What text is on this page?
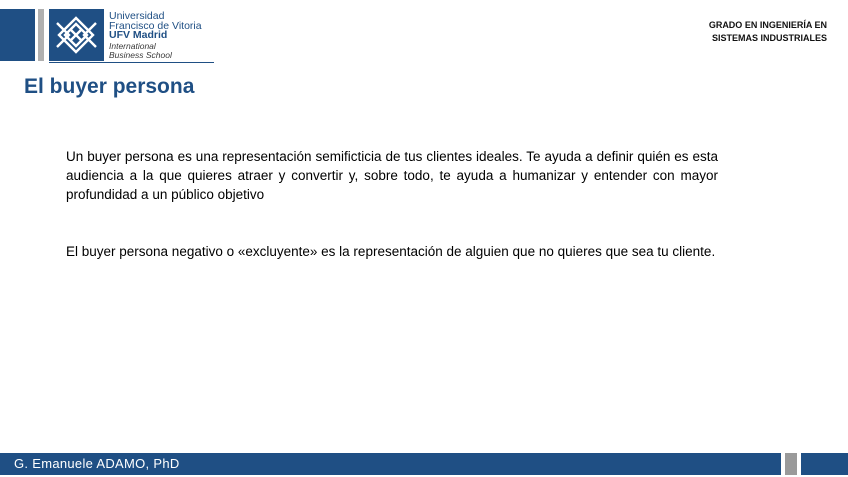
Universidad
Francisco de Vitoria
UFV Madrid
International
Business School
GRADO EN INGENIERÍA EN
SISTEMAS INDUSTRIALES
El buyer persona

Un buyer persona es una representación semificticia de tus clientes ideales. Te ayuda a definir quién es esta audiencia a la que quieres atraer y convertir y, sobre todo, te ayuda a humanizar y entender con mayor profundidad a un público objetivo

El buyer persona negativo o «excluyente» es la representación de alguien que no quieres que sea tu cliente.

G. Emanuele ADAMO, PhD
